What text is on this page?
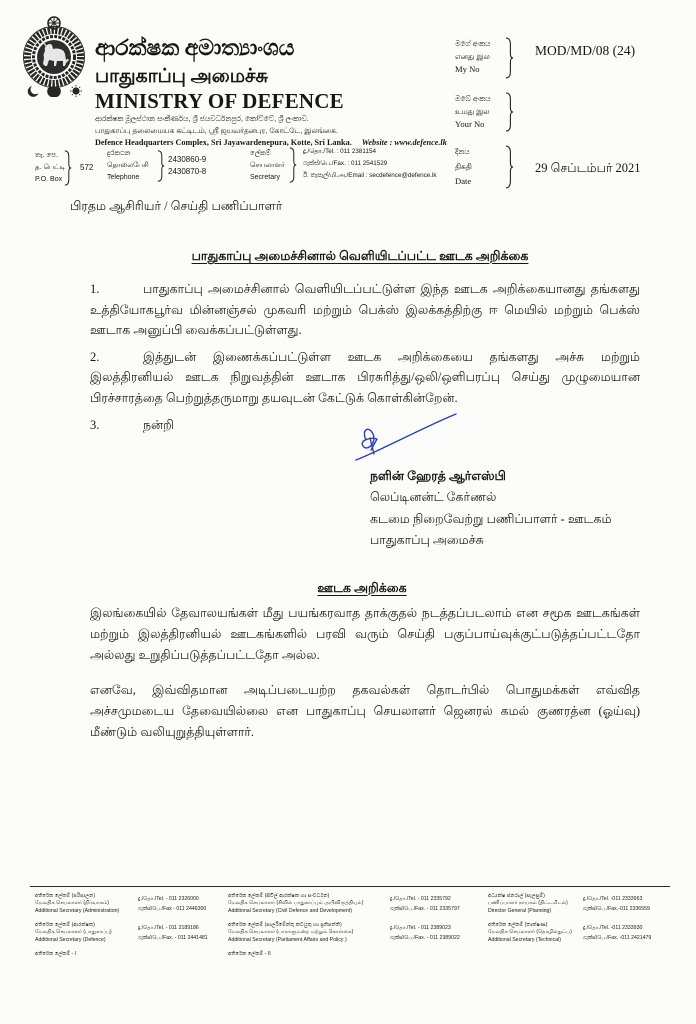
ආරක්ෂක අමාත්‍යාංශය
பாதுகாப்பு அமைச்சு
MINISTRY OF DEFENCE
ආරක්ෂක මූලස්ථාන සංකීර්ණය, ශ්‍රී ජයවර්ධනපුර, කෝට්ටේ, ශ්‍රී ලංකාව.
பாதுகாப்பு தலைமையக கட்டிடம், ஸ்ரீ ஜயவர்தனபுர, கோட்டே, இலங்கை.
Defence Headquarters Complex, Sri Jayawardenepura, Kotte, Sri Lanka. Website : www.defence.lk
මගේ අංකය
எனது இல
My No
MOD/MD/08 (24)
ඔබේ අංකය
உமது இல
Your No
තැ. පෙ.
த. பெட்டி
P.O. Box
572
දුරකථන
தொலைபேசி
Telephone
2430860-9
2430870-8
ලේකම්
செயலாளர்
Secretary
දු./தொ./Tel. : 011 2381154
ෆැක්ස්/பெ./Fax. : 011 2541529
ඊ. තැපැල්/மி.அ./Email : secdefence@defence.lk
දිනය
திகதி
Date
29 செப்டம்பர் 2021

பிரதம ஆசிரியர் / செய்தி பணிப்பாளர்

பாதுகாப்பு அமைச்சினால் வெளியிடப்பட்ட ஊடக அறிக்கை

1.	பாதுகாப்பு அமைச்சினால் வெளியிடப்பட்டுள்ள இந்த ஊடக அறிக்கையானது தங்களது உத்தியோகபூர்வ மின்னஞ்சல் முகவரி மற்றும் பெக்ஸ் இலக்கத்திற்கு ஈ மெயில் மற்றும் பெக்ஸ் ஊடாக அனுப்பி வைக்கப்பட்டுள்ளது.

2.	இத்துடன் இணைக்கப்பட்டுள்ள ஊடக அறிக்கையை தங்களது அச்சு மற்றும் இலத்திரனியல் ஊடக நிறுவத்தின் ஊடாக பிரசுரித்து/ஒலி/ஒளிபரப்பு செய்து முழுமையான பிரச்சாரத்தை பெற்றுத்தருமாறு தயவுடன் கேட்டுக் கொள்கின்றேன்.

3.	நன்றி

நளின் ஹேரத் ஆர்எஸ்பி
லெப்டினன்ட் கேர்ணல்
கடமை நிறைவேற்று பணிப்பாளர் - ஊடகம்
பாதுகாப்பு அமைச்சு
ஊடக அறிக்கை

இலங்கையில் தேவாலயங்கள் மீது பயங்கரவாத தாக்குதல் நடத்தப்படலாம் என சமூக ஊடகங்கள் மற்றும் இலத்திரனியல் ஊடகங்களில் பரவி வரும் செய்தி பகுப்பாய்வுக்குட்படுத்தப்பட்டதோ அல்லது உறுதிப்படுத்தப்பட்டதோ அல்ல.

எனவே, இவ்விதமான அடிப்படையற்ற தகவல்கள் தொடர்பில் பொதுமக்கள் எவ்வித அச்சமுமடைய தேவையில்லை என பாதுகாப்பு செயலாளர் ஜெனரல் கமல் குணரத்ன (ஓய்வு) மீண்டும் வலியுறுத்தியுள்ளார்.

අතිරේක ලේකම් (පරිපාලන)
மேலதிக செயலாளர் (நிர்வாகம்)
Additional Secretary (Administration)
දු./தொ./Tel. - 011 2326000
ෆැක්ස්/பெ./Fax - 011 2446300
අතිරේක ලේකම් (ආරක්ෂක)
மேலதிக செயலாளர் (பாதுகாப்பு)
Additional Secretary (Defence)
දු./தொ./Tel. - 011 2189186
ෆැක්ස්/பெ./Fax. - 011 2441481
අතිරේක ලේකම් - I
අතිරේක ලේකම් (සිවිල් ආරක්ෂක හා සංවර්ධන)
மேலதிக செயலாளர் (சிவில் பாதுகாப்பும் அபிவிருத்தியும்)
Additional Secretary (Civil Defence and Development)
දු./தொ./Tel. - 011 2335792
ෆැක්ස්/பெ./Fax. - 011 2335797
අතිරේක ලේකම් (පාර්ලිමේන්තු කටයුතු හා ප්‍රතිපත්ති)
மேலதிக செயலாளர் (பாராளுமன்ற மற்றும் கொள்கை)
Additional Secretary (Parliament Affairs and Policy )
දු./தொ./Tel. - 011 2389023
ෆැක්ස්/பெ./Fax. - 011 2389022
අතිරේක ලේකම් - II
අධ්‍යක්ෂ ජනරාල් (සැලසුම්)
பணிப்பாளர் நாயகம் (திட்டமிடல்)
Director General (Planning)
දු./தொ./Tel. -011 2333963
ෆැක්ස්/பெ./Fax.-011 2336559
අතිරේක ලේකම් (තාක්ෂණ)
மேலதிக செயலாளர் (தொழில்நுட்ப)
Additional Secretary (Technical)
දු./தொ./Tel. -011 2333930
ෆැක්ස්/பெ./Fax. -011 2421479
